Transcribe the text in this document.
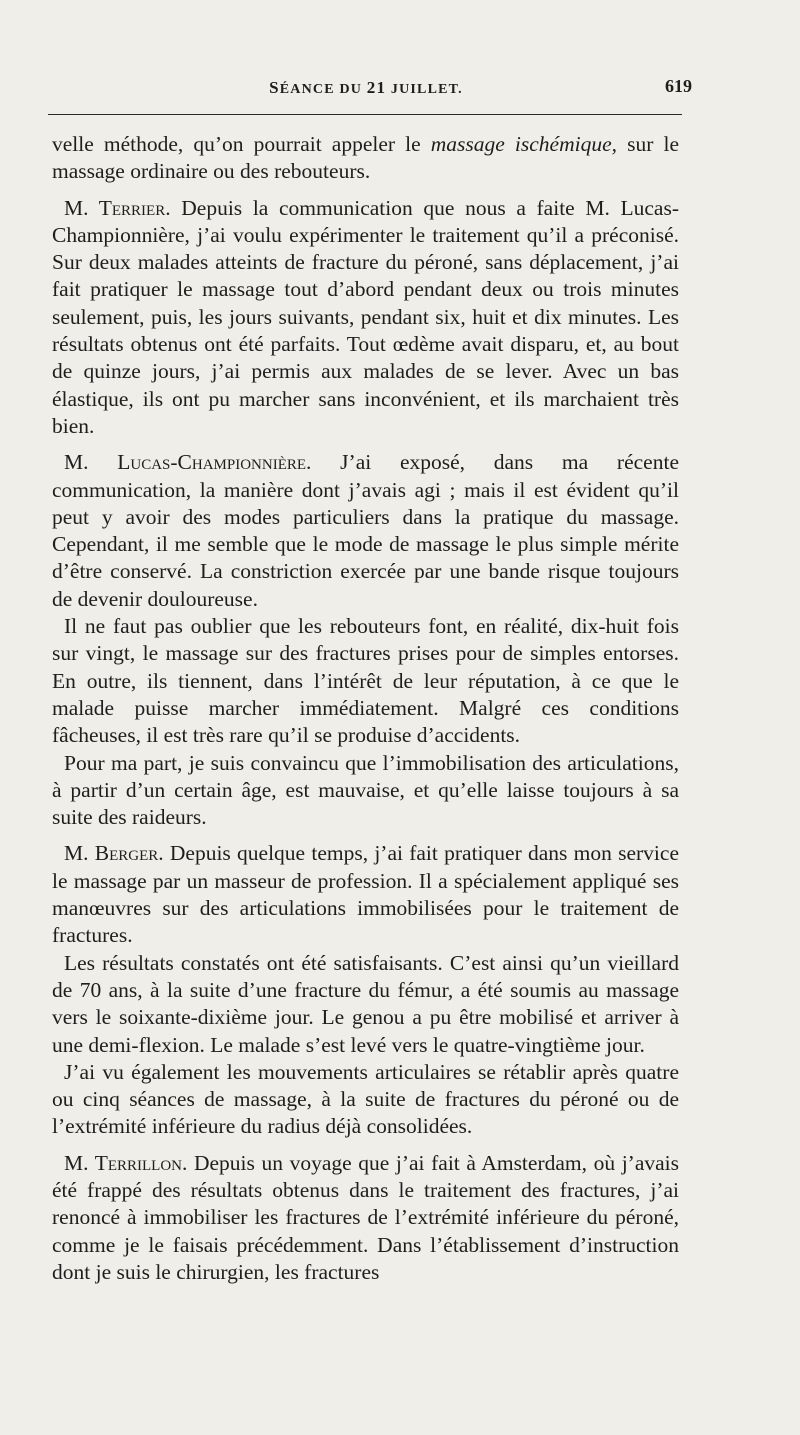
SÉANCE DU 21 JUILLET.	619

velle méthode, qu’on pourrait appeler le massage ischémique, sur le massage ordinaire ou des rebouteurs.

M. Terrier. Depuis la communication que nous a faite M. Lucas-Championnière, j’ai voulu expérimenter le traitement qu’il a préconisé. Sur deux malades atteints de fracture du péroné, sans déplacement, j’ai fait pratiquer le massage tout d’abord pendant deux ou trois minutes seulement, puis, les jours suivants, pendant six, huit et dix minutes. Les résultats obtenus ont été parfaits. Tout œdème avait disparu, et, au bout de quinze jours, j’ai permis aux malades de se lever. Avec un bas élastique, ils ont pu marcher sans inconvénient, et ils marchaient très bien.

M. Lucas-Championnière. J’ai exposé, dans ma récente communication, la manière dont j’avais agi ; mais il est évident qu’il peut y avoir des modes particuliers dans la pratique du massage. Cependant, il me semble que le mode de massage le plus simple mérite d’être conservé. La constriction exercée par une bande risque toujours de devenir douloureuse.

Il ne faut pas oublier que les rebouteurs font, en réalité, dix-huit fois sur vingt, le massage sur des fractures prises pour de simples entorses. En outre, ils tiennent, dans l’intérêt de leur réputation, à ce que le malade puisse marcher immédiatement. Malgré ces conditions fâcheuses, il est très rare qu’il se produise d’accidents.

Pour ma part, je suis convaincu que l’immobilisation des articulations, à partir d’un certain âge, est mauvaise, et qu’elle laisse toujours à sa suite des raideurs.

M. Berger. Depuis quelque temps, j’ai fait pratiquer dans mon service le massage par un masseur de profession. Il a spécialement appliqué ses manœuvres sur des articulations immobilisées pour le traitement de fractures.

Les résultats constatés ont été satisfaisants. C’est ainsi qu’un vieillard de 70 ans, à la suite d’une fracture du fémur, a été soumis au massage vers le soixante-dixième jour. Le genou a pu être mobilisé et arriver à une demi-flexion. Le malade s’est levé vers le quatre-vingtième jour.

J’ai vu également les mouvements articulaires se rétablir après quatre ou cinq séances de massage, à la suite de fractures du péroné ou de l’extrémité inférieure du radius déjà consolidées.

M. Terrillon. Depuis un voyage que j’ai fait à Amsterdam, où j’avais été frappé des résultats obtenus dans le traitement des fractures, j’ai renoncé à immobiliser les fractures de l’extrémité inférieure du péroné, comme je le faisais précédemment. Dans l’établissement d’instruction dont je suis le chirurgien, les fractures
